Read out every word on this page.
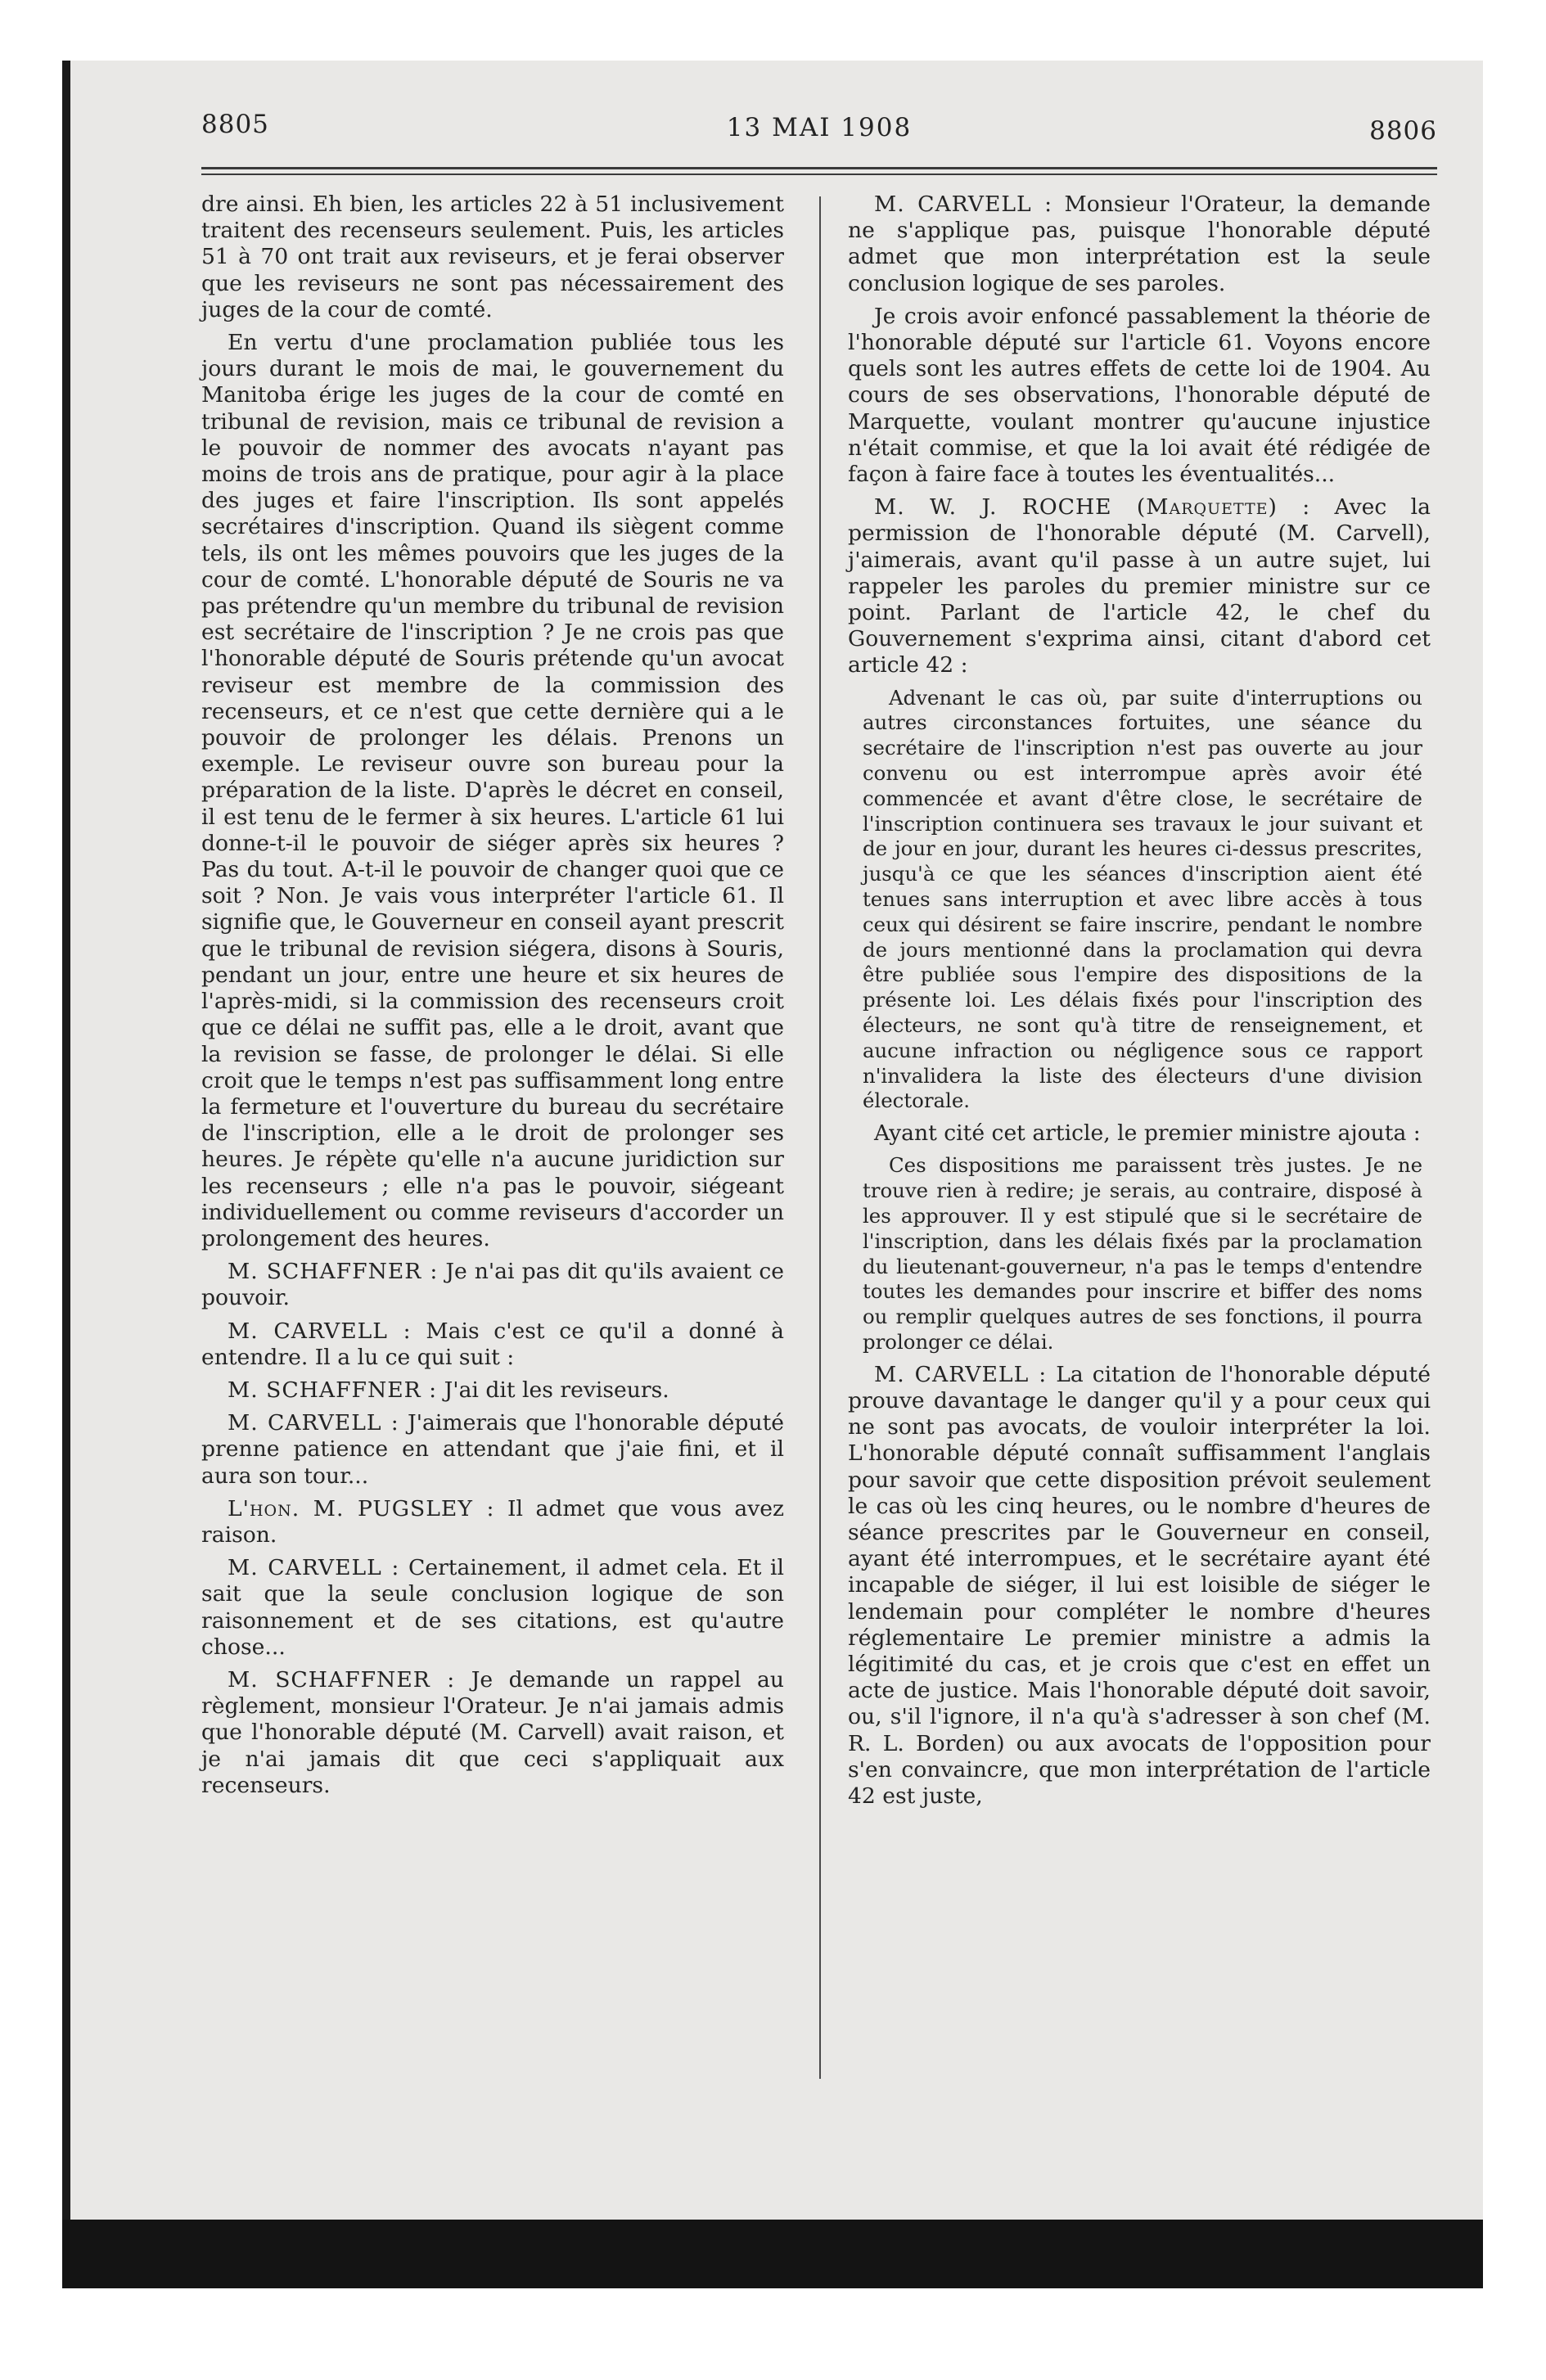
8805	13 MAI 1908	8806

dre ainsi. Eh bien, les articles 22 à 51 inclusivement traitent des recenseurs seulement. Puis, les articles 51 à 70 ont trait aux reviseurs, et je ferai observer que les reviseurs ne sont pas nécessairement des juges de la cour de comté.

En vertu d'une proclamation publiée tous les jours durant le mois de mai, le gouvernement du Manitoba érige les juges de la cour de comté en tribunal de revision, mais ce tribunal de revision a le pouvoir de nommer des avocats n'ayant pas moins de trois ans de pratique, pour agir à la place des juges et faire l'inscription. Ils sont appelés secrétaires d'inscription. Quand ils siègent comme tels, ils ont les mêmes pouvoirs que les juges de la cour de comté. L'honorable député de Souris ne va pas prétendre qu'un membre du tribunal de revision est secrétaire de l'inscription ? Je ne crois pas que l'honorable député de Souris prétende qu'un avocat reviseur est membre de la commission des recenseurs, et ce n'est que cette dernière qui a le pouvoir de prolonger les délais. Prenons un exemple. Le reviseur ouvre son bureau pour la préparation de la liste. D'après le décret en conseil, il est tenu de le fermer à six heures. L'article 61 lui donne-t-il le pouvoir de siéger après six heures ? Pas du tout. A-t-il le pouvoir de changer quoi que ce soit ? Non. Je vais vous interpréter l'article 61. Il signifie que, le Gouverneur en conseil ayant prescrit que le tribunal de revision siégera, disons à Souris, pendant un jour, entre une heure et six heures de l'après-midi, si la commission des recenseurs croit que ce délai ne suffit pas, elle a le droit, avant que la revision se fasse, de prolonger le délai. Si elle croit que le temps n'est pas suffisamment long entre la fermeture et l'ouverture du bureau du secrétaire de l'inscription, elle a le droit de prolonger ses heures. Je répète qu'elle n'a aucune juridiction sur les recenseurs ; elle n'a pas le pouvoir, siégeant individuellement ou comme reviseurs d'accorder un prolongement des heures.

M. SCHAFFNER : Je n'ai pas dit qu'ils avaient ce pouvoir.

M. CARVELL : Mais c'est ce qu'il a donné à entendre. Il a lu ce qui suit :

M. SCHAFFNER : J'ai dit les reviseurs.

M. CARVELL : J'aimerais que l'honorable député prenne patience en attendant que j'aie fini, et il aura son tour...

L'hon. M. PUGSLEY : Il admet que vous avez raison.

M. CARVELL : Certainement, il admet cela. Et il sait que la seule conclusion logique de son raisonnement et de ses citations, est qu'autre chose...

M. SCHAFFNER : Je demande un rappel au règlement, monsieur l'Orateur. Je n'ai jamais admis que l'honorable député (M. Carvell) avait raison, et je n'ai jamais dit que ceci s'appliquait aux recenseurs.

M. CARVELL : Monsieur l'Orateur, la demande ne s'applique pas, puisque l'honorable député admet que mon interprétation est la seule conclusion logique de ses paroles.

Je crois avoir enfoncé passablement la théorie de l'honorable député sur l'article 61. Voyons encore quels sont les autres effets de cette loi de 1904. Au cours de ses observations, l'honorable député de Marquette, voulant montrer qu'aucune injustice n'était commise, et que la loi avait été rédigée de façon à faire face à toutes les éventualités...

M. W. J. ROCHE (Marquette) : Avec la permission de l'honorable député (M. Carvell), j'aimerais, avant qu'il passe à un autre sujet, lui rappeler les paroles du premier ministre sur ce point. Parlant de l'article 42, le chef du Gouvernement s'exprima ainsi, citant d'abord cet article 42 :

Advenant le cas où, par suite d'interruptions ou autres circonstances fortuites, une séance du secrétaire de l'inscription n'est pas ouverte au jour convenu ou est interrompue après avoir été commencée et avant d'être close, le secrétaire de l'inscription continuera ses travaux le jour suivant et de jour en jour, durant les heures ci-dessus prescrites, jusqu'à ce que les séances d'inscription aient été tenues sans interruption et avec libre accès à tous ceux qui désirent se faire inscrire, pendant le nombre de jours mentionné dans la proclamation qui devra être publiée sous l'empire des dispositions de la présente loi. Les délais fixés pour l'inscription des électeurs, ne sont qu'à titre de renseignement, et aucune infraction ou négligence sous ce rapport n'invalidera la liste des électeurs d'une division électorale.

Ayant cité cet article, le premier ministre ajouta :

Ces dispositions me paraissent très justes. Je ne trouve rien à redire; je serais, au contraire, disposé à les approuver. Il y est stipulé que si le secrétaire de l'inscription, dans les délais fixés par la proclamation du lieutenant-gouverneur, n'a pas le temps d'entendre toutes les demandes pour inscrire et biffer des noms ou remplir quelques autres de ses fonctions, il pourra prolonger ce délai.

M. CARVELL : La citation de l'honorable député prouve davantage le danger qu'il y a pour ceux qui ne sont pas avocats, de vouloir interpréter la loi. L'honorable député connaît suffisamment l'anglais pour savoir que cette disposition prévoit seulement le cas où les cinq heures, ou le nombre d'heures de séance prescrites par le Gouverneur en conseil, ayant été interrompues, et le secrétaire ayant été incapable de siéger, il lui est loisible de siéger le lendemain pour compléter le nombre d'heures réglementaire Le premier ministre a admis la légitimité du cas, et je crois que c'est en effet un acte de justice. Mais l'honorable député doit savoir, ou, s'il l'ignore, il n'a qu'à s'adresser à son chef (M. R. L. Borden) ou aux avocats de l'opposition pour s'en convaincre, que mon interprétation de l'article 42 est juste,
